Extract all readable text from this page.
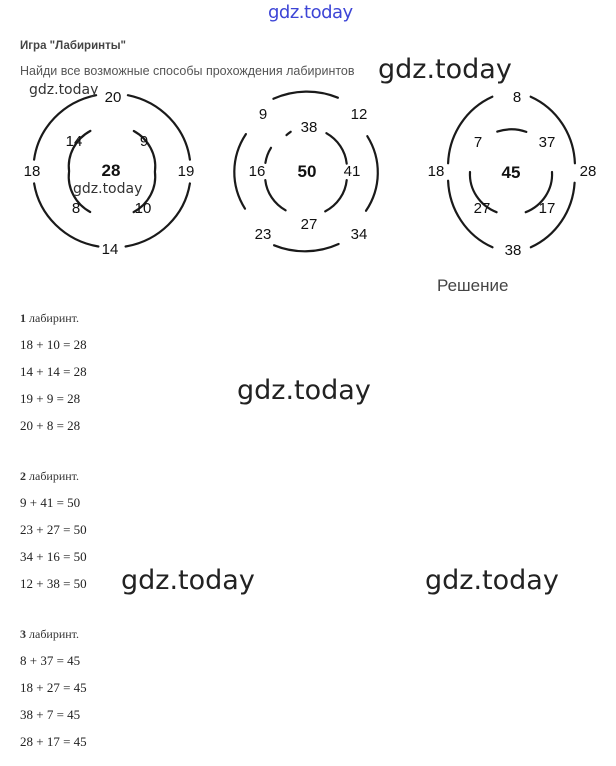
gdz.today
Игра "Лабиринты"
Найди все возможные способы прохождения лабиринтов
20
18	19
14
14	9
8	10
28
9	12
23	34
38
16	41
27
50
8
18	28
38
7	37
27	17
45
gdz.today
gdz.today
gdz.today
Решение
1 лабиринт.
18 + 10 = 28
14 + 14 = 28
19 + 9 = 28
20 + 8 = 28
gdz.today
2 лабиринт.
9 + 41 = 50
23 + 27 = 50
34 + 16 = 50
12 + 38 = 50 gdz.today	gdz.today
3 лабиринт.
8 + 37 = 45
18 + 27 = 45
38 + 7 = 45
28 + 17 = 45
